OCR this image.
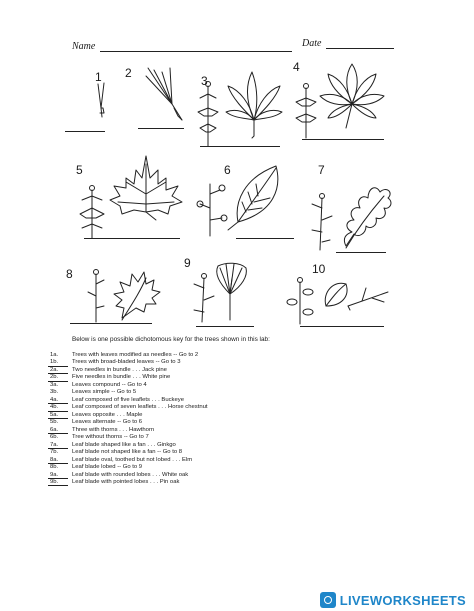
Name	Date
1 2
3
4
5	6	7
8
9	10
Below is one possible dichotomous key for the trees shown in this lab:
1a.	Trees with leaves modified as needles -- Go to 2
1b.	Trees with broad-bladed leaves -- Go to 3
2a.	Two needles in bundle . . . Jack pine
2b.	Five needles in bundle . . . White pine
3a.	Leaves compound -- Go to 4
3b.	Leaves simple -- Go to 5
4a.	Leaf composed of five leaflets . . . Buckeye
4b.	Leaf composed of seven leaflets . . . Horse chestnut
5a.	Leaves opposite . . . Maple
5b.	Leaves alternate -- Go to 6
6a.	Three with thorns . . . Hawthorn
6b.	Tree without thorns -- Go to 7
7a.	Leaf blade shaped like a fan . . . Ginkgo
7b.	Leaf blade not shaped like a fan -- Go to 8
8a.	Leaf blade oval, toothed but not lobed . . . Elm
8b.	Leaf blade lobed -- Go to 9
9a.	Leaf blade with rounded lobes . . . White oak
9b.	Leaf blade with pointed lobes . . . Pin oak
LIVEWORKSHEETS
